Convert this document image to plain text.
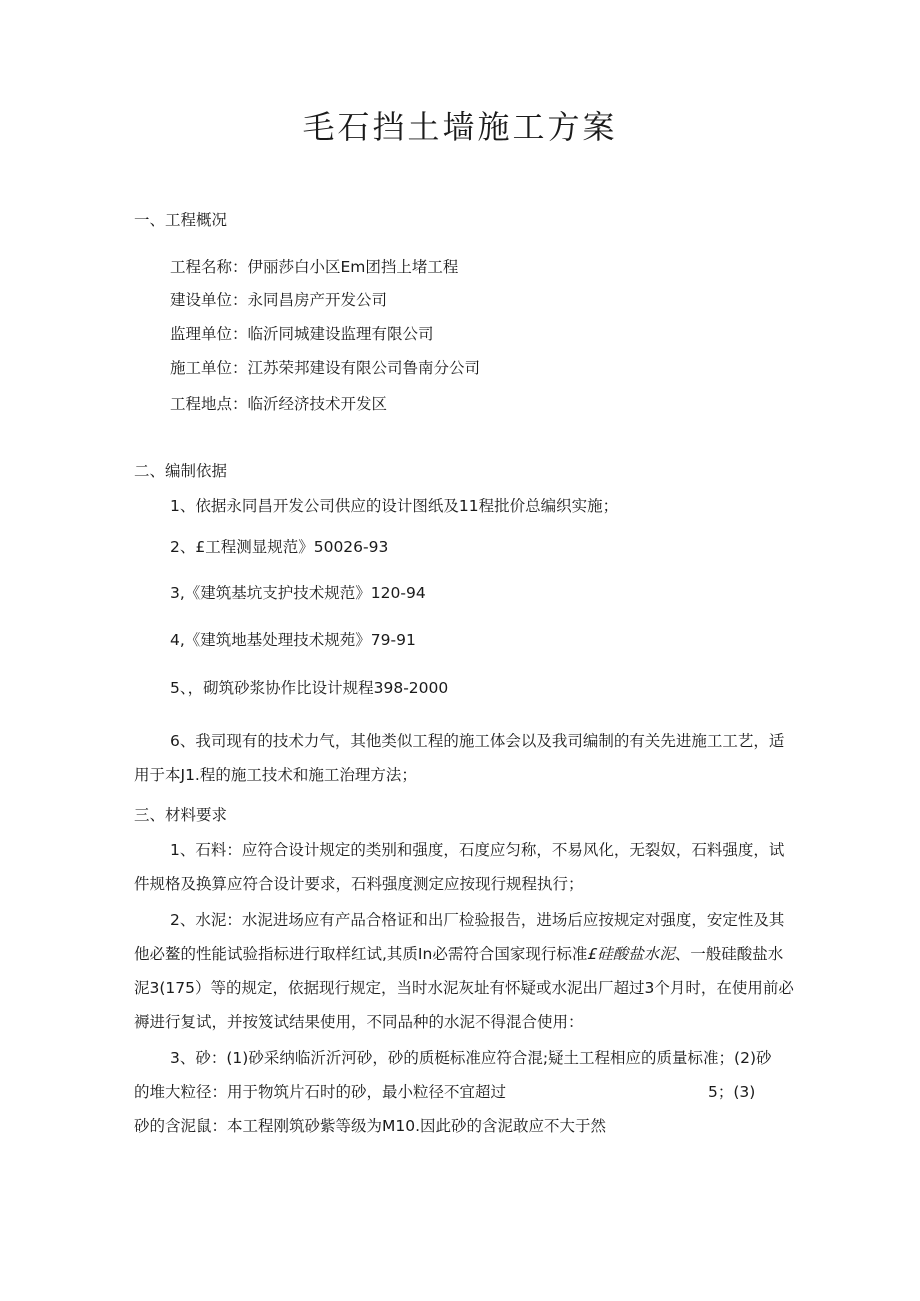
毛石挡土墙施工方案

一、工程概况

工程名称：伊丽莎白小区Em团挡上堵工程

建设单位：永同昌房产开发公司

监理单位：临沂同城建设监理有限公司

施工单位：江苏荣邦建设有限公司鲁南分公司

工程地点：临沂经济技术开发区

二、编制依据

1、依据永同昌开发公司供应的设计图纸及11程批价总编织实施；

2、£工程测显规范》50026-93

3,《建筑基坑支护技术规范》120-94

4,《建筑地基处理技术规苑》79-91

5、，砌筑砂浆协作比设计规程398-2000

6、我司现有的技术力气，其他类似工程的施工体会以及我司编制的有关先进施工工艺，适

用于本J1.程的施工技术和施工治理方法；

三、材料要求

1、石料：应符合设计规定的类别和强度，石度应匀称，不易风化，无裂奴，石料强度，试

件规格及换算应符合设计要求，石料强度测定应按现行规程执行；

2、水泥：水泥进场应有产品合格证和出厂检验报告，进场后应按规定对强度，安定性及其

他必鳌的性能试验指标进行取样红试,其质In必需符合国家现行标准£硅酸盐水泥、一般硅酸盐水

泥3(175）等的规定，依据现行规定，当时水泥灰址有怀疑或水泥出厂超过3个月时，在使用前必

褥进行复试，并按笈试结果使用，不同品种的水泥不得混合使用：

3、砂：(1)砂采纳临沂沂河砂，砂的质梃标准应符合混;疑土工程相应的质量标准；(2)砂

的堆大粒径：用于物筑片石时的砂，最小粒径不宜超过	5；(3)

砂的含泥鼠：本工程刚筑砂紫等级为M10.因此砂的含泥敢应不大于然
